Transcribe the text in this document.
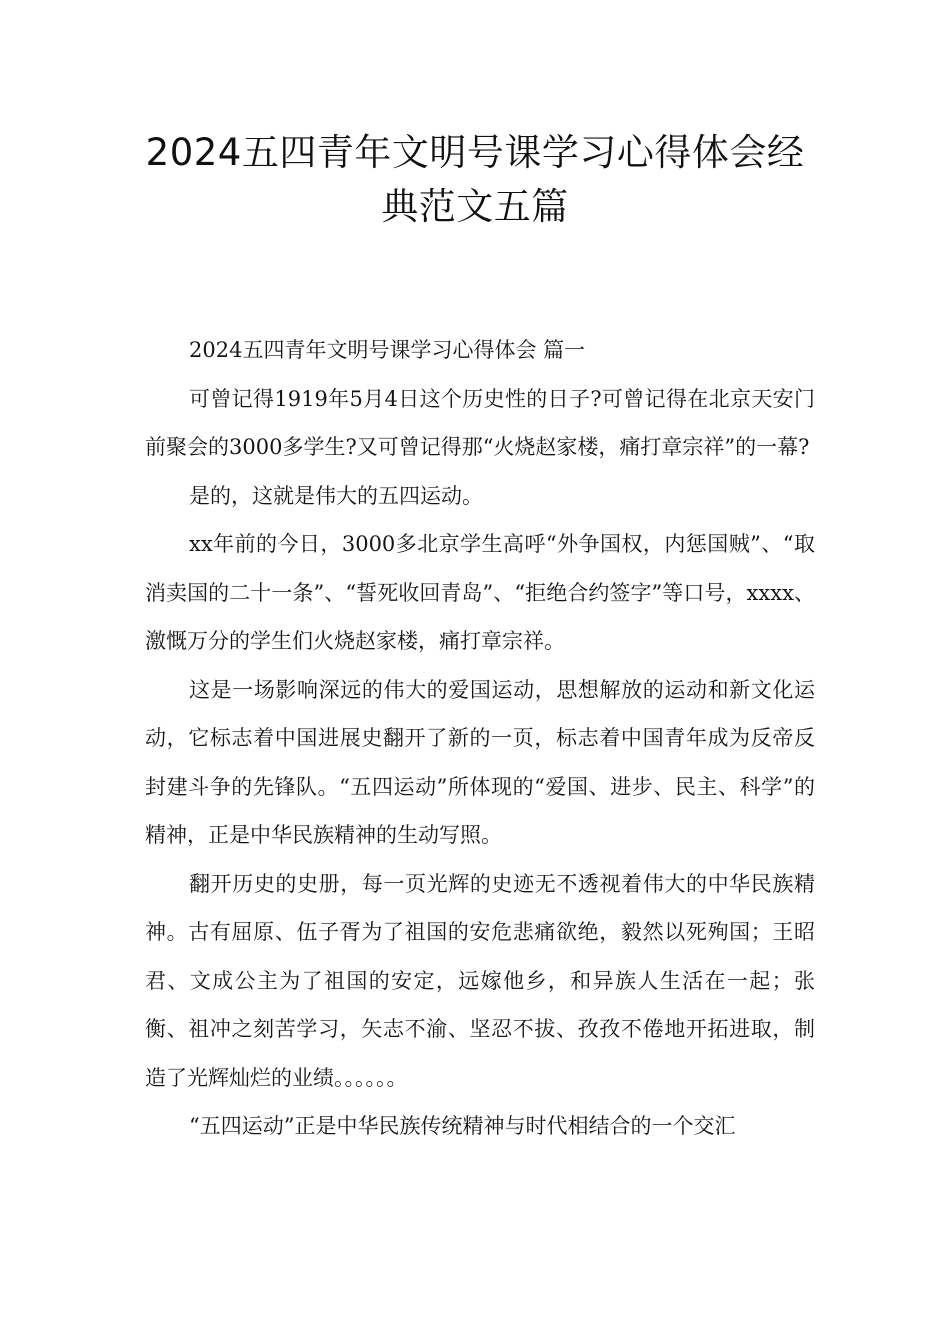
2024五四青年文明号课学习心得体会经
典范文五篇

2024五四青年文明号课学习心得体会 篇一

可曾记得1919年5月4日这个历史性的日子?可曾记得在北京天安门前聚会的3000多学生?又可曾记得那“火烧赵家楼，痛打章宗祥”的一幕?

是的，这就是伟大的五四运动。

xx年前的今日，3000多北京学生高呼“外争国权，内惩国贼”、“取消卖国的二十一条”、“誓死收回青岛”、“拒绝合约签字”等口号，xxxx、激慨万分的学生们火烧赵家楼，痛打章宗祥。

这是一场影响深远的伟大的爱国运动，思想解放的运动和新文化运动，它标志着中国进展史翻开了新的一页，标志着中国青年成为反帝反封建斗争的先锋队。“五四运动”所体现的“爱国、进步、民主、科学”的精神，正是中华民族精神的生动写照。

翻开历史的史册，每一页光辉的史迹无不透视着伟大的中华民族精神。古有屈原、伍子胥为了祖国的安危悲痛欲绝，毅然以死殉国；王昭君、文成公主为了祖国的安定，远嫁他乡，和异族人生活在一起；张衡、祖冲之刻苦学习，矢志不渝、坚忍不拔、孜孜不倦地开拓进取，制造了光辉灿烂的业绩。。。。。。

“五四运动”正是中华民族传统精神与时代相结合的一个交汇
